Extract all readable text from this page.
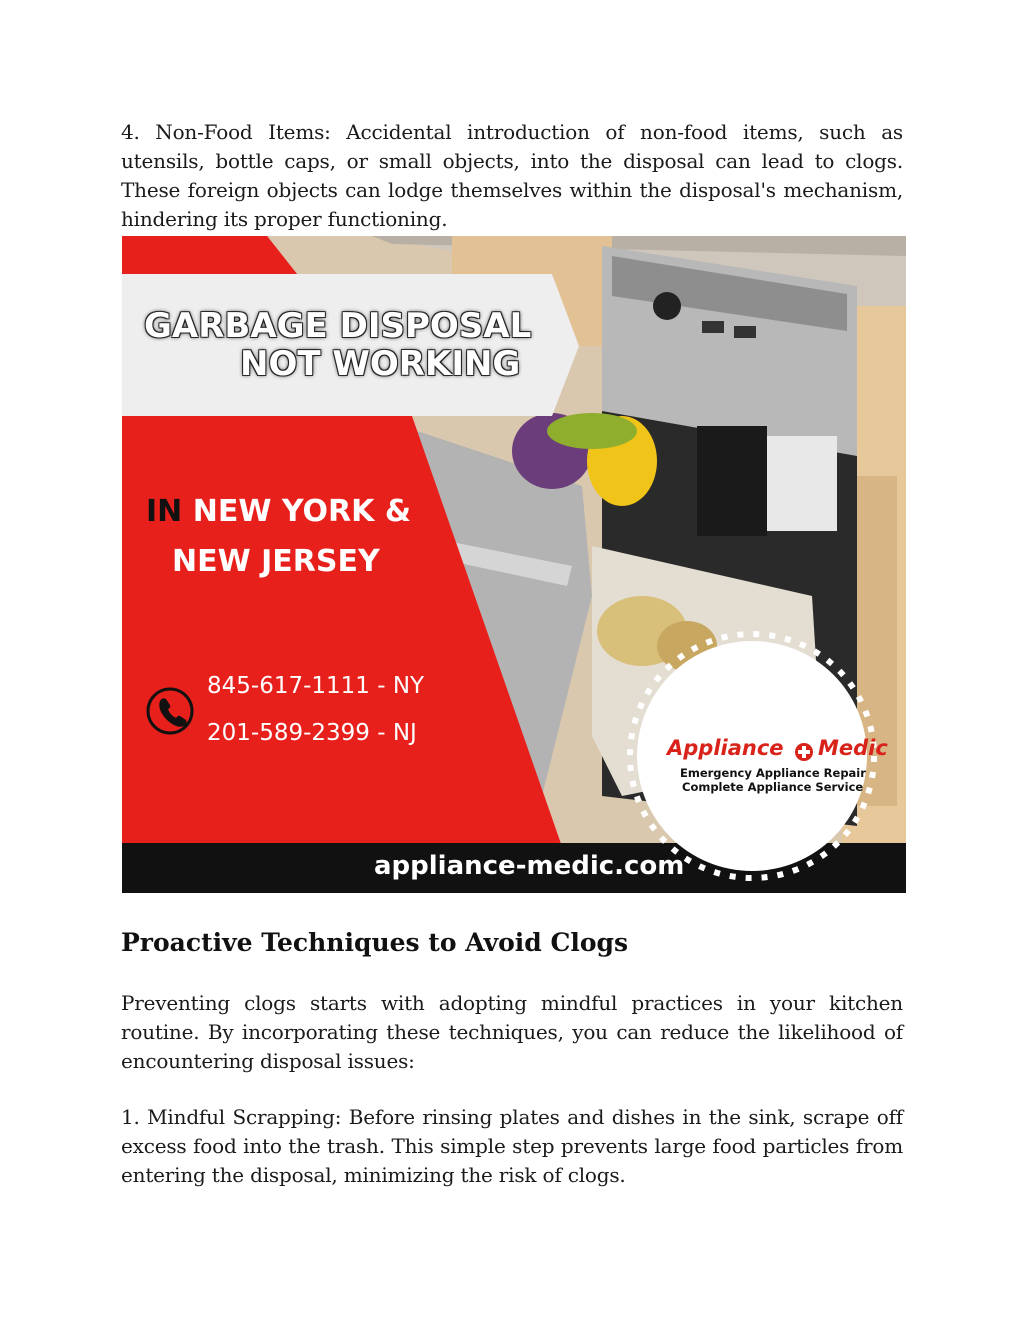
4. Non-Food Items: Accidental introduction of non-food items, such as utensils, bottle caps, or small objects, into the disposal can lead to clogs. These foreign objects can lodge themselves within the disposal's mechanism, hindering its proper functioning.

GARBAGE DISPOSAL

NOT WORKING

IN NEW YORK &

NEW JERSEY

845-617-1111 - NY

201-589-2399 - NJ

appliance-medic.com

Appliance Medic

Emergency Appliance Repair

Complete Appliance Service

Proactive Techniques to Avoid Clogs

Preventing clogs starts with adopting mindful practices in your kitchen routine. By incorporating these techniques, you can reduce the likelihood of encountering disposal issues:

1. Mindful Scrapping: Before rinsing plates and dishes in the sink, scrape off excess food into the trash. This simple step prevents large food particles from entering the disposal, minimizing the risk of clogs.
